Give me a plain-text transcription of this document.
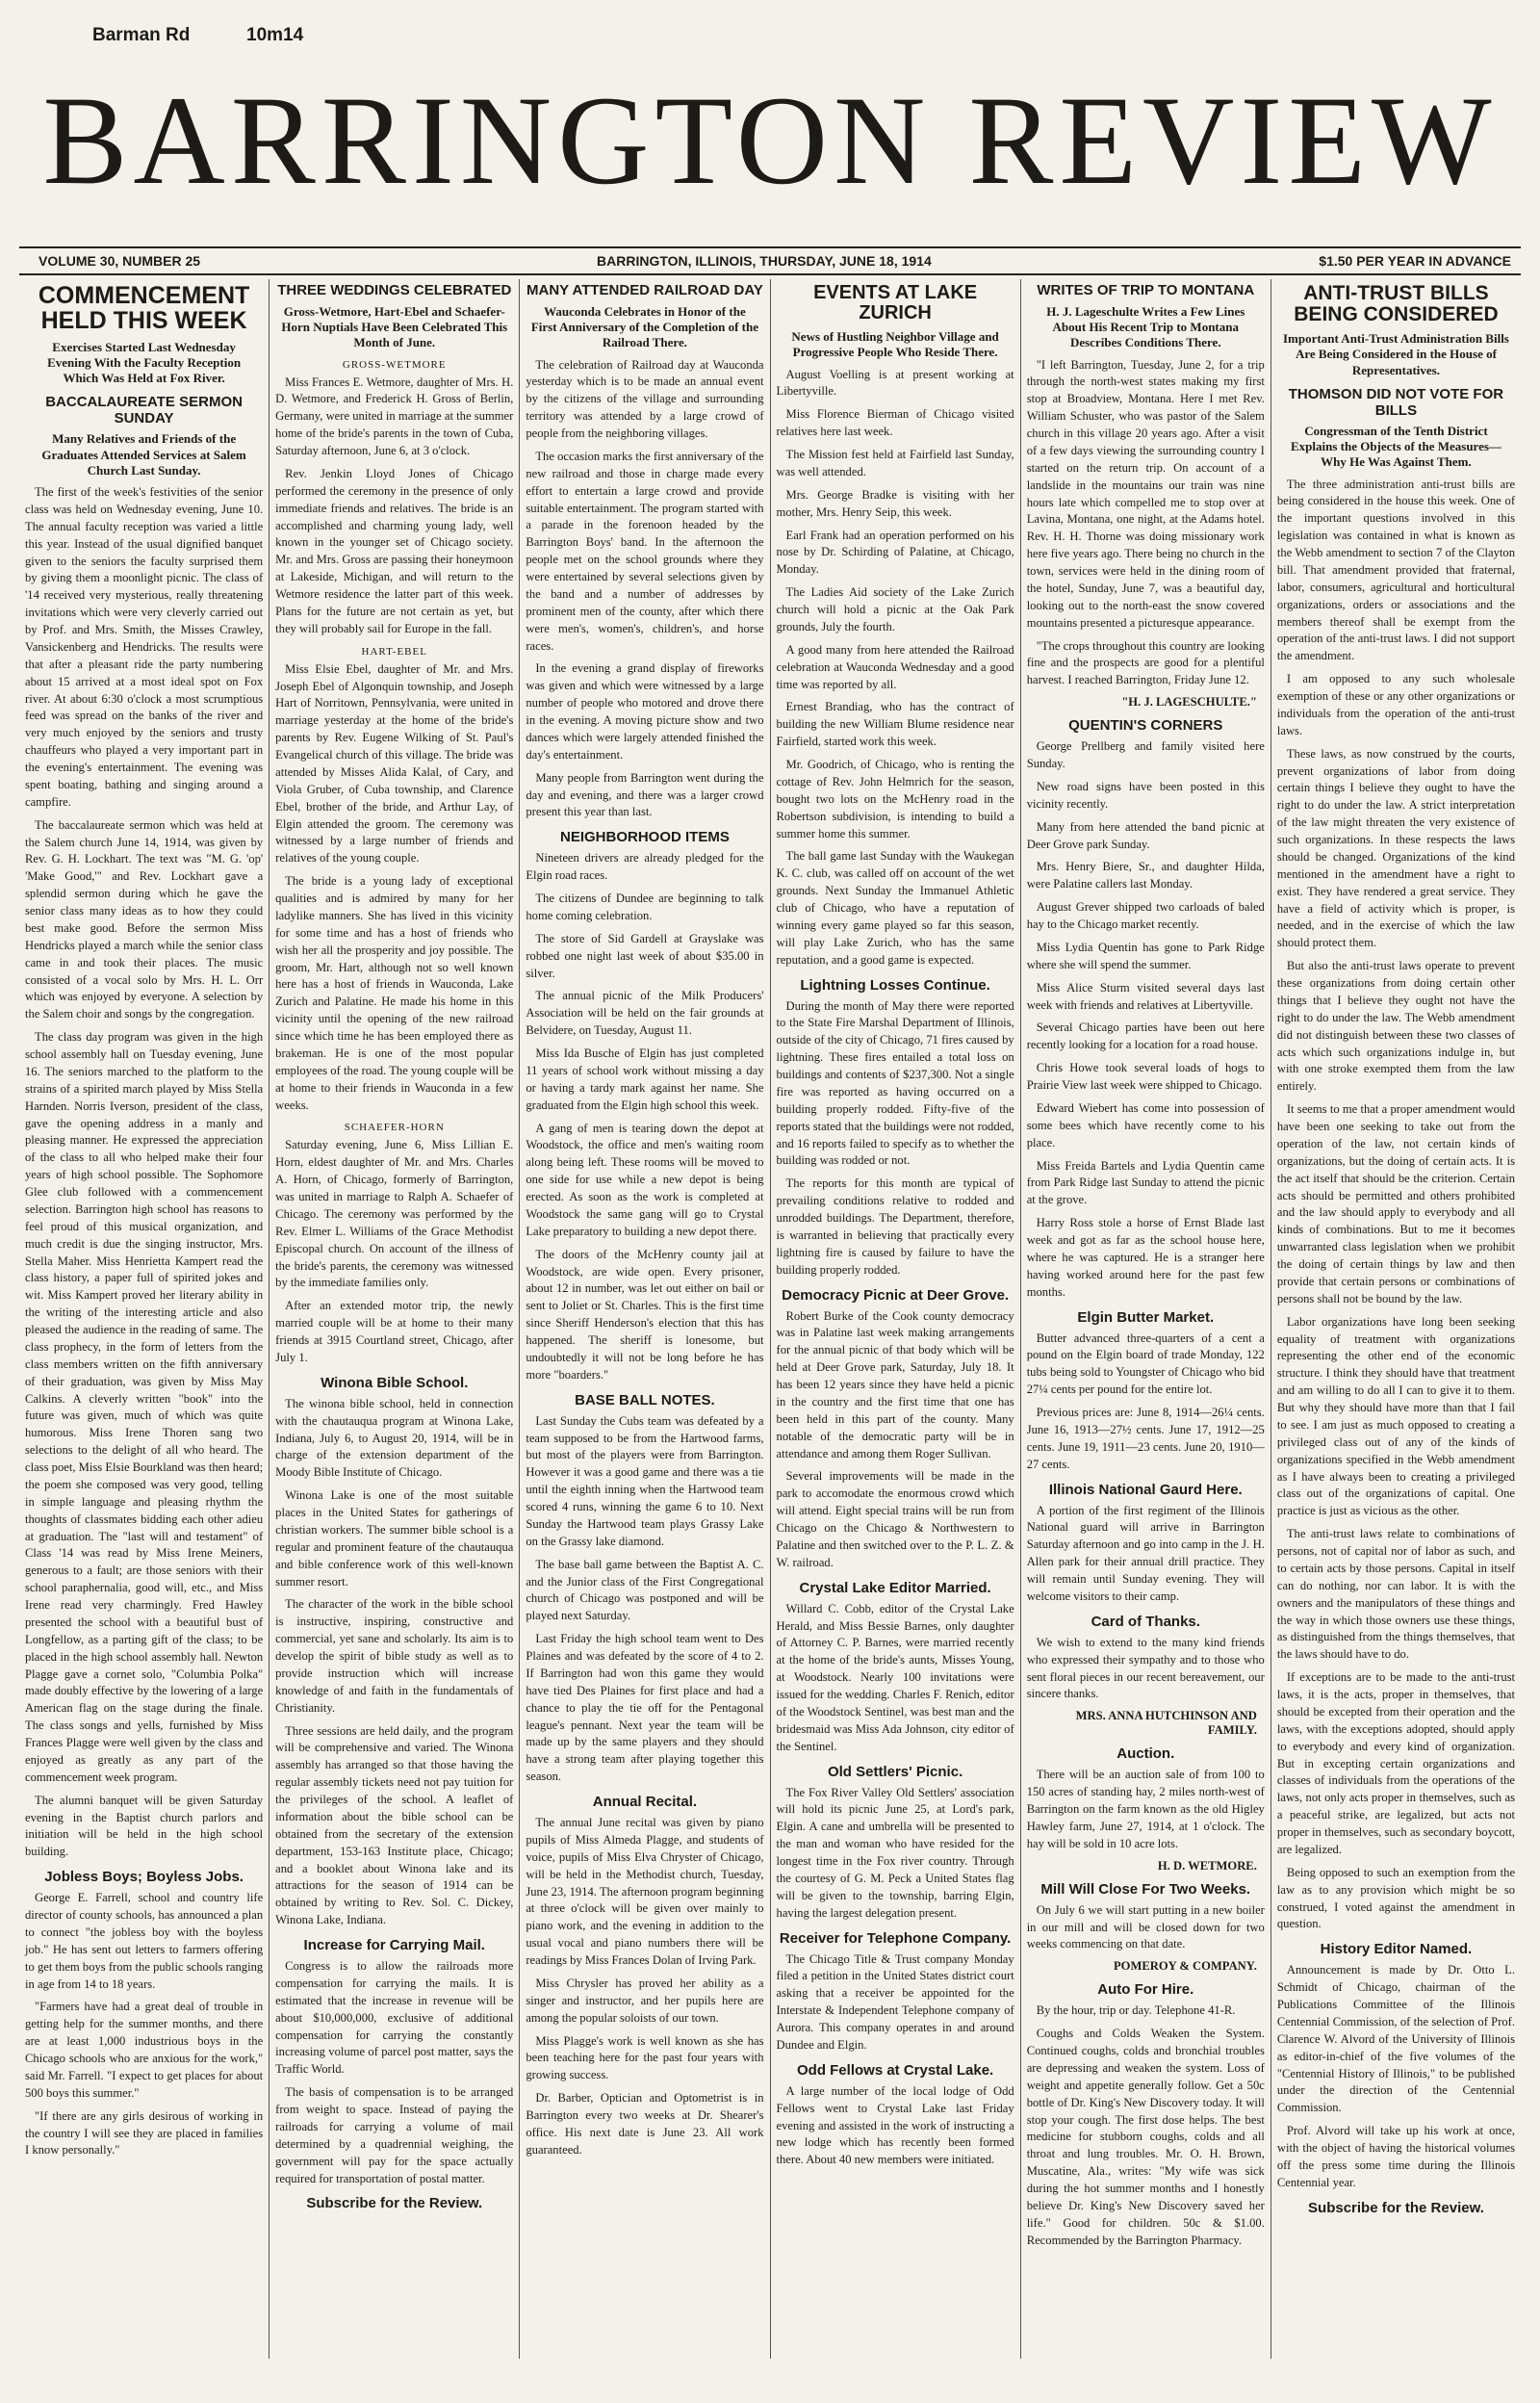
Barman Rd	10m14
BARRINGTON REVIEW
VOLUME 30, NUMBER 25	BARRINGTON, ILLINOIS, THURSDAY, JUNE 18, 1914	$1.50 PER YEAR IN ADVANCE
COMMENCEMENT HELD THIS WEEK
Exercises Started Last Wednesday Evening With the Faculty Reception Which Was Held at Fox River.
BACCALAUREATE SERMON SUNDAY
Many Relatives and Friends of the Graduates Attended Services at Salem Church Last Sunday.

The first of the week's festivities of the senior class was held on Wednesday evening, June 10. The annual faculty reception was varied a little this year. Instead of the usual dignified banquet given to the seniors the faculty surprised them by giving them a moonlight picnic. The class of '14 received very mysterious, really threatening invitations which were very cleverly carried out by Prof. and Mrs. Smith, the Misses Crawley, Vansickenberg and Hendricks. The results were that after a pleasant ride the party numbering about 15 arrived at a most ideal spot on Fox river. At about 6:30 o'clock a most scrumptious feed was spread on the banks of the river and very much enjoyed by the seniors and trusty chauffeurs who played a very important part in the evening's entertainment. The evening was spent boating, bathing and singing around a campfire.

The baccalaureate sermon which was held at the Salem church June 14, 1914, was given by Rev. G. H. Lockhart. The text was "M. G. 'op' 'Make Good,'" and Rev. Lockhart gave a splendid sermon during which he gave the senior class many ideas as to how they could best make good. Before the sermon Miss Hendricks played a march while the senior class came in and took their places. The music consisted of a vocal solo by Mrs. H. L. Orr which was enjoyed by everyone. A selection by the Salem choir and songs by the congregation.

The class day program was given in the high school assembly hall on Tuesday evening, June 16. The seniors marched to the platform to the strains of a spirited march played by Miss Stella Harnden. Norris Iverson, president of the class, gave the opening address in a manly and pleasing manner. He expressed the appreciation of the class to all who helped make their four years of high school possible. The Sophomore Glee club followed with a commencement selection. Barrington high school has reasons to feel proud of this musical organization, and much credit is due the singing instructor, Mrs. Stella Maher. Miss Henrietta Kampert read the class history, a paper full of spirited jokes and wit. Miss Kampert proved her literary ability in the writing of the interesting article and also pleased the audience in the reading of same. The class prophecy, in the form of letters from the class members written on the fifth anniversary of their graduation, was given by Miss May Calkins. A cleverly written "book" into the future was given, much of which was quite humorous. Miss Irene Thoren sang two selections to the delight of all who heard. The class poet, Miss Elsie Bourkland was then heard; the poem she composed was very good, telling in simple language and pleasing rhythm the thoughts of classmates bidding each other adieu at graduation. The "last will and testament" of Class '14 was read by Miss Irene Meiners, generous to a fault; are those seniors with their school paraphernalia, good will, etc., and Miss Irene read very charmingly. Fred Hawley presented the school with a beautiful bust of Longfellow, as a parting gift of the class; to be placed in the high school assembly hall. Newton Plagge gave a cornet solo, "Columbia Polka" made doubly effective by the lowering of a large American flag on the stage during the finale. The class songs and yells, furnished by Miss Frances Plagge were well given by the class and enjoyed as greatly as any part of the commencement week program.

The alumni banquet will be given Saturday evening in the Baptist church parlors and initiation will be held in the high school building.

Jobless Boys; Boyless Jobs.

George E. Farrell, school and country life director of county schools, has announced a plan to connect "the jobless boy with the boyless job." He has sent out letters to farmers offering to get them boys from the public schools ranging in age from 14 to 18 years.

"Farmers have had a great deal of trouble in getting help for the summer months, and there are at least 1,000 industrious boys in the Chicago schools who are anxious for the work," said Mr. Farrell. "I expect to get places for about 500 boys this summer."

"If there are any girls desirous of working in the country I will see they are placed in families I know personally."

THREE WEDDINGS CELEBRATED
Gross-Wetmore, Hart-Ebel and Schaefer-Horn Nuptials Have Been Celebrated This Month of June.
GROSS-WETMORE

Miss Frances E. Wetmore, daughter of Mrs. H. D. Wetmore, and Frederick H. Gross of Berlin, Germany, were united in marriage at the summer home of the bride's parents in the town of Cuba, Saturday afternoon, June 6, at 3 o'clock.

Rev. Jenkin Lloyd Jones of Chicago performed the ceremony in the presence of only immediate friends and relatives. The bride is an accomplished and charming young lady, well known in the younger set of Chicago society. Mr. and Mrs. Gross are passing their honeymoon at Lakeside, Michigan, and will return to the Wetmore residence the latter part of this week. Plans for the future are not certain as yet, but they will probably sail for Europe in the fall.

HART-EBEL

Miss Elsie Ebel, daughter of Mr. and Mrs. Joseph Ebel of Algonquin township, and Joseph Hart of Norritown, Pennsylvania, were united in marriage yesterday at the home of the bride's parents by Rev. Eugene Wilking of St. Paul's Evangelical church of this village. The bride was attended by Misses Alida Kalal, of Cary, and Viola Gruber, of Cuba township, and Clarence Ebel, brother of the bride, and Arthur Lay, of Elgin attended the groom. The ceremony was witnessed by a large number of friends and relatives of the young couple.

The bride is a young lady of exceptional qualities and is admired by many for her ladylike manners. She has lived in this vicinity for some time and has a host of friends who wish her all the prosperity and joy possible. The groom, Mr. Hart, although not so well known here has a host of friends in Wauconda, Lake Zurich and Palatine. He made his home in this vicinity until the opening of the new railroad since which time he has been employed there as brakeman. He is one of the most popular employees of the road. The young couple will be at home to their friends in Wauconda in a few weeks.

SCHAEFER-HORN

Saturday evening, June 6, Miss Lillian E. Horn, eldest daughter of Mr. and Mrs. Charles A. Horn, of Chicago, formerly of Barrington, was united in marriage to Ralph A. Schaefer of Chicago. The ceremony was performed by the Rev. Elmer L. Williams of the Grace Methodist Episcopal church. On account of the illness of the bride's parents, the ceremony was witnessed by the immediate families only.

After an extended motor trip, the newly married couple will be at home to their many friends at 3915 Courtland street, Chicago, after July 1.

Winona Bible School.

The winona bible school, held in connection with the chautauqua program at Winona Lake, Indiana, July 6, to August 20, 1914, will be in charge of the extension department of the Moody Bible Institute of Chicago.

Winona Lake is one of the most suitable places in the United States for gatherings of christian workers. The summer bible school is a regular and prominent feature of the chautauqua and bible conference work of this well-known summer resort.

The character of the work in the bible school is instructive, inspiring, constructive and commercial, yet sane and scholarly. Its aim is to develop the spirit of bible study as well as to provide instruction which will increase knowledge of and faith in the fundamentals of Christianity.

Three sessions are held daily, and the program will be comprehensive and varied. The Winona assembly has arranged so that those having the regular assembly tickets need not pay tuition for the privileges of the school. A leaflet of information about the bible school can be obtained from the secretary of the extension department, 153-163 Institute place, Chicago; and a booklet about Winona lake and its attractions for the season of 1914 can be obtained by writing to Rev. Sol. C. Dickey, Winona Lake, Indiana.

Increase for Carrying Mail.

Congress is to allow the railroads more compensation for carrying the mails. It is estimated that the increase in revenue will be about $10,000,000, exclusive of additional compensation for carrying the constantly increasing volume of parcel post matter, says the Traffic World.

The basis of compensation is to be arranged from weight to space. Instead of paying the railroads for carrying a volume of mail determined by a quadrennial weighing, the government will pay for the space actually required for transportation of postal matter.

Subscribe for the Review.
MANY ATTENDED RAILROAD DAY
Wauconda Celebrates in Honor of the First Anniversary of the Completion of the Railroad There.

The celebration of Railroad day at Wauconda yesterday which is to be made an annual event by the citizens of the village and surrounding territory was attended by a large crowd of people from the neighboring villages.

The occasion marks the first anniversary of the new railroad and those in charge made every effort to entertain a large crowd and provide suitable entertainment. The program started with a parade in the forenoon headed by the Barrington Boys' band. In the afternoon the people met on the school grounds where they were entertained by several selections given by the band and a number of addresses by prominent men of the county, after which there were men's, women's, children's, and horse races.

In the evening a grand display of fireworks was given and which were witnessed by a large number of people who motored and drove there in the evening. A moving picture show and two dances which were largely attended finished the day's entertainment.

Many people from Barrington went during the day and evening, and there was a larger crowd present this year than last.

NEIGHBORHOOD ITEMS

Nineteen drivers are already pledged for the Elgin road races.

The citizens of Dundee are beginning to talk home coming celebration.

The store of Sid Gardell at Grayslake was robbed one night last week of about $35.00 in silver.

The annual picnic of the Milk Producers' Association will be held on the fair grounds at Belvidere, on Tuesday, August 11.

Miss Ida Busche of Elgin has just completed 11 years of school work without missing a day or having a tardy mark against her name. She graduated from the Elgin high school this week.

A gang of men is tearing down the depot at Woodstock, the office and men's waiting room along being left. These rooms will be moved to one side for use while a new depot is being erected. As soon as the work is completed at Woodstock the same gang will go to Crystal Lake preparatory to building a new depot there.

The doors of the McHenry county jail at Woodstock, are wide open. Every prisoner, about 12 in number, was let out either on bail or sent to Joliet or St. Charles. This is the first time since Sheriff Henderson's election that this has happened. The sheriff is lonesome, but undoubtedly it will not be long before he has more "boarders."

BASE BALL NOTES.

Last Sunday the Cubs team was defeated by a team supposed to be from the Hartwood farms, but most of the players were from Barrington. However it was a good game and there was a tie until the eighth inning when the Hartwood team scored 4 runs, winning the game 6 to 10. Next Sunday the Hartwood team plays Grassy Lake on the Grassy lake diamond.

The base ball game between the Baptist A. C. and the Junior class of the First Congregational church of Chicago was postponed and will be played next Saturday.

Last Friday the high school team went to Des Plaines and was defeated by the score of 4 to 2. If Barrington had won this game they would have tied Des Plaines for first place and had a chance to play the tie off for the Pentagonal league's pennant. Next year the team will be made up by the same players and they should have a strong team after playing together this season.

Annual Recital.

The annual June recital was given by piano pupils of Miss Almeda Plagge, and students of voice, pupils of Miss Elva Chryster of Chicago, will be held in the Methodist church, Tuesday, June 23, 1914. The afternoon program beginning at three o'clock will be given over mainly to piano work, and the evening in addition to the usual vocal and piano numbers there will be readings by Miss Frances Dolan of Irving Park.

Miss Chrysler has proved her ability as a singer and instructor, and her pupils here are among the popular soloists of our town.

Miss Plagge's work is well known as she has been teaching here for the past four years with growing success.

Dr. Barber, Optician and Optometrist is in Barrington every two weeks at Dr. Shearer's office. His next date is June 23. All work guaranteed.

EVENTS AT LAKE ZURICH
News of Hustling Neighbor Village and Progressive People Who Reside There.

August Voelling is at present working at Libertyville.

Miss Florence Bierman of Chicago visited relatives here last week.

The Mission fest held at Fairfield last Sunday, was well attended.

Mrs. George Bradke is visiting with her mother, Mrs. Henry Seip, this week.

Earl Frank had an operation performed on his nose by Dr. Schirding of Palatine, at Chicago, Monday.

The Ladies Aid society of the Lake Zurich church will hold a picnic at the Oak Park grounds, July the fourth.

A good many from here attended the Railroad celebration at Wauconda Wednesday and a good time was reported by all.

Ernest Brandiag, who has the contract of building the new William Blume residence near Fairfield, started work this week.

Mr. Goodrich, of Chicago, who is renting the cottage of Rev. John Helmrich for the season, bought two lots on the McHenry road in the Robertson subdivision, is intending to build a summer home this summer.

The ball game last Sunday with the Waukegan K. C. club, was called off on account of the wet grounds. Next Sunday the Immanuel Athletic club of Chicago, who have a reputation of winning every game played so far this season, will play Lake Zurich, who has the same reputation, and a good game is expected.

Lightning Losses Continue.

During the month of May there were reported to the State Fire Marshal Department of Illinois, outside of the city of Chicago, 71 fires caused by lightning. These fires entailed a total loss on buildings and contents of $237,300. Not a single fire was reported as having occurred on a building properly rodded. Fifty-five of the reports stated that the buildings were not rodded, and 16 reports failed to specify as to whether the building was rodded or not.

The reports for this month are typical of prevailing conditions relative to rodded and unrodded buildings. The Department, therefore, is warranted in believing that practically every lightning fire is caused by failure to have the building properly rodded.

Democracy Picnic at Deer Grove.

Robert Burke of the Cook county democracy was in Palatine last week making arrangements for the annual picnic of that body which will be held at Deer Grove park, Saturday, July 18. It has been 12 years since they have held a picnic in the country and the first time that one has been held in this part of the county. Many notable of the democratic party will be in attendance and among them Roger Sullivan.

Several improvements will be made in the park to accomodate the enormous crowd which will attend. Eight special trains will be run from Chicago on the Chicago & Northwestern to Palatine and then switched over to the P. L. Z. & W. railroad.

Crystal Lake Editor Married.

Willard C. Cobb, editor of the Crystal Lake Herald, and Miss Bessie Barnes, only daughter of Attorney C. P. Barnes, were married recently at the home of the bride's aunts, Misses Young, at Woodstock. Nearly 100 invitations were issued for the wedding. Charles F. Renich, editor of the Woodstock Sentinel, was best man and the bridesmaid was Miss Ada Johnson, city editor of the Sentinel.

Old Settlers' Picnic.

The Fox River Valley Old Settlers' association will hold its picnic June 25, at Lord's park, Elgin. A cane and umbrella will be presented to the man and woman who have resided for the longest time in the Fox river country. Through the courtesy of G. M. Peck a United States flag will be given to the township, barring Elgin, having the largest delegation present.

Receiver for Telephone Company.

The Chicago Title & Trust company Monday filed a petition in the United States district court asking that a receiver be appointed for the Interstate & Independent Telephone company of Aurora. This company operates in and around Dundee and Elgin.

Odd Fellows at Crystal Lake.

A large number of the local lodge of Odd Fellows went to Crystal Lake last Friday evening and assisted in the work of instructing a new lodge which has recently been formed there. About 40 new members were initiated.

WRITES OF TRIP TO MONTANA
H. J. Lageschulte Writes a Few Lines About His Recent Trip to Montana Describes Conditions There.

"I left Barrington, Tuesday, June 2, for a trip through the north-west states making my first stop at Broadview, Montana. Here I met Rev. William Schuster, who was pastor of the Salem church in this village 20 years ago. After a visit of a few days viewing the surrounding country I started on the return trip. On account of a landslide in the mountains our train was nine hours late which compelled me to stop over at Lavina, Montana, one night, at the Adams hotel. Rev. H. H. Thorne was doing missionary work here five years ago. There being no church in the town, services were held in the dining room of the hotel, Sunday, June 7, was a beautiful day, looking out to the north-east the snow covered mountains presented a picturesque appearance.

"The crops throughout this country are looking fine and the prospects are good for a plentiful harvest. I reached Barrington, Friday June 12.

"H. J. LAGESCHULTE."
QUENTIN'S CORNERS

George Prellberg and family visited here Sunday.

New road signs have been posted in this vicinity recently.

Many from here attended the band picnic at Deer Grove park Sunday.

Mrs. Henry Biere, Sr., and daughter Hilda, were Palatine callers last Monday.

August Grever shipped two carloads of baled hay to the Chicago market recently.

Miss Lydia Quentin has gone to Park Ridge where she will spend the summer.

Miss Alice Sturm visited several days last week with friends and relatives at Libertyville.

Several Chicago parties have been out here recently looking for a location for a road house.

Chris Howe took several loads of hogs to Prairie View last week were shipped to Chicago.

Edward Wiebert has come into possession of some bees which have recently come to his place.

Miss Freida Bartels and Lydia Quentin came from Park Ridge last Sunday to attend the picnic at the grove.

Harry Ross stole a horse of Ernst Blade last week and got as far as the school house here, where he was captured. He is a stranger here having worked around here for the past few months.

Elgin Butter Market.

Butter advanced three-quarters of a cent a pound on the Elgin board of trade Monday, 122 tubs being sold to Youngster of Chicago who bid 27¼ cents per pound for the entire lot.

Previous prices are: June 8, 1914—26¼ cents. June 16, 1913—27½ cents. June 17, 1912—25 cents. June 19, 1911—23 cents. June 20, 1910—27 cents.

Illinois National Gaurd Here.

A portion of the first regiment of the Illinois National guard will arrive in Barrington Saturday afternoon and go into camp in the J. H. Allen park for their annual drill practice. They will remain until Sunday evening. They will welcome visitors to their camp.

Card of Thanks.

We wish to extend to the many kind friends who expressed their sympathy and to those who sent floral pieces in our recent bereavement, our sincere thanks.

MRS. ANNA HUTCHINSON AND FAMILY.
Auction.

There will be an auction sale of from 100 to 150 acres of standing hay, 2 miles north-west of Barrington on the farm known as the old Higley Hawley farm, June 27, 1914, at 1 o'clock. The hay will be sold in 10 acre lots.

H. D. WETMORE.
Mill Will Close For Two Weeks.

On July 6 we will start putting in a new boiler in our mill and will be closed down for two weeks commencing on that date.

POMEROY & COMPANY.
Auto For Hire.

By the hour, trip or day. Telephone 41-R.

Coughs and Colds Weaken the System. Continued coughs, colds and bronchial troubles are depressing and weaken the system. Loss of weight and appetite generally follow. Get a 50c bottle of Dr. King's New Discovery today. It will stop your cough. The first dose helps. The best medicine for stubborn coughs, colds and all throat and lung troubles. Mr. O. H. Brown, Muscatine, Ala., writes: "My wife was sick during the hot summer months and I honestly believe Dr. King's New Discovery saved her life." Good for children. 50c & $1.00. Recommended by the Barrington Pharmacy.

ANTI-TRUST BILLS BEING CONSIDERED
Important Anti-Trust Administration Bills Are Being Considered in the House of Representatives.
THOMSON DID NOT VOTE FOR BILLS
Congressman of the Tenth District Explains the Objects of the Measures—Why He Was Against Them.

The three administration anti-trust bills are being considered in the house this week. One of the important questions involved in this legislation was contained in what is known as the Webb amendment to section 7 of the Clayton bill. That amendment provided that fraternal, labor, consumers, agricultural and horticultural organizations, orders or associations and the members thereof shall be exempt from the operation of the anti-trust laws. I did not support the amendment.

I am opposed to any such wholesale exemption of these or any other organizations or individuals from the operation of the anti-trust laws.

These laws, as now construed by the courts, prevent organizations of labor from doing certain things I believe they ought to have the right to do under the law. A strict interpretation of the law might threaten the very existence of such organizations. In these respects the laws should be changed. Organizations of the kind mentioned in the amendment have a right to exist. They have rendered a great service. They have a field of activity which is proper, is needed, and in the exercise of which the law should protect them.

But also the anti-trust laws operate to prevent these organizations from doing certain other things that I believe they ought not have the right to do under the law. The Webb amendment did not distinguish between these two classes of acts which such organizations indulge in, but with one stroke exempted them from the law entirely.

It seems to me that a proper amendment would have been one seeking to take out from the operation of the law, not certain kinds of organizations, but the doing of certain acts. It is the act itself that should be the criterion. Certain acts should be permitted and others prohibited and the law should apply to everybody and all kinds of combinations. But to me it becomes unwarranted class legislation when we prohibit the doing of certain things by law and then provide that certain persons or combinations of persons shall not be bound by the law.

Labor organizations have long been seeking equality of treatment with organizations representing the other end of the economic structure. I think they should have that treatment and am willing to do all I can to give it to them. But why they should have more than that I fail to see. I am just as much opposed to creating a privileged class out of any of the kinds of organizations specified in the Webb amendment as I have always been to creating a privileged class out of the organizations of capital. One practice is just as vicious as the other.

The anti-trust laws relate to combinations of persons, not of capital nor of labor as such, and to certain acts by those persons. Capital in itself can do nothing, nor can labor. It is with the owners and the manipulators of these things and the way in which those owners use these things, as distinguished from the things themselves, that the laws should have to do.

If exceptions are to be made to the anti-trust laws, it is the acts, proper in themselves, that should be excepted from their operation and the laws, with the exceptions adopted, should apply to everybody and every kind of organization. But in excepting certain organizations and classes of individuals from the operations of the laws, not only acts proper in themselves, such as a peaceful strike, are legalized, but acts not proper in themselves, such as secondary boycott, are legalized.

Being opposed to such an exemption from the law as to any provision which might be so construed, I voted against the amendment in question.

History Editor Named.

Announcement is made by Dr. Otto L. Schmidt of Chicago, chairman of the Publications Committee of the Illinois Centennial Commission, of the selection of Prof. Clarence W. Alvord of the University of Illinois as editor-in-chief of the five volumes of the "Centennial History of Illinois," to be published under the direction of the Centennial Commission.

Prof. Alvord will take up his work at once, with the object of having the historical volumes off the press some time during the Illinois Centennial year.

Subscribe for the Review.
